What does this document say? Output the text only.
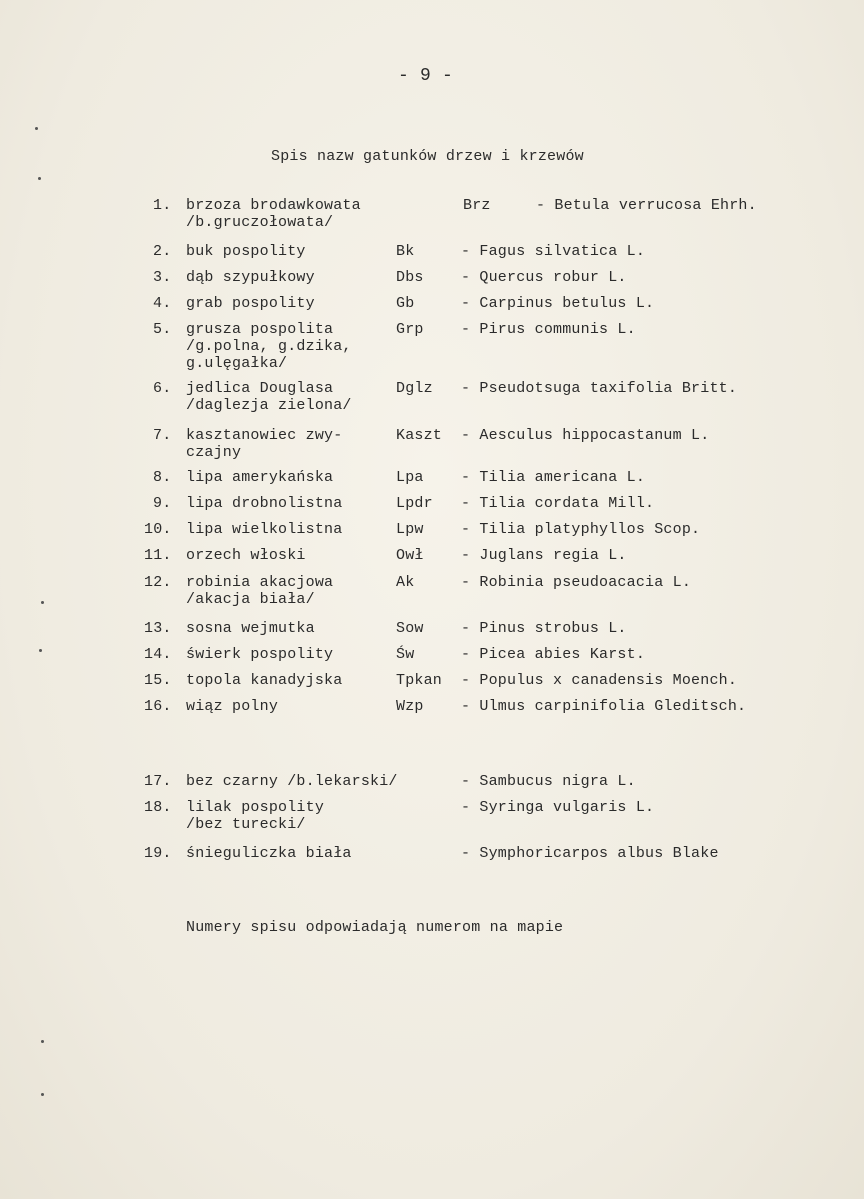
- 9 -
Spis nazw gatunków drzew i krzewów
1. brzoza brodawkowata
/b.gruczołowata/
Brz	- Betula verrucosa Ehrh.
2. buk pospolity	Bk	- Fagus silvatica L.
3. dąb szypułkowy	Dbs - Quercus robur L.
4. grab pospolity	Gb	- Carpinus betulus L.
5. grusza pospolita
/g.polna, g.dzika,
g.ulęgałka/
Grp - Pirus communis L.
6. jedlica Douglasa
/daglezja zielona/
Dglz - Pseudotsuga taxifolia Britt.
7. kasztanowiec zwy-
czajny
Kaszt - Aesculus hippocastanum L.
8. lipa amerykańska	Lpa - Tilia americana L.
9. lipa drobnolistna	Lpdr - Tilia cordata Mill.
10. lipa wielkolistna	Lpw - Tilia platyphyllos Scop.
11. orzech włoski	Owł - Juglans regia L.
12. robinia akacjowa
/akacja biała/
Ak	- Robinia pseudoacacia L.
13. sosna wejmutka	Sow - Pinus strobus L.
14. świerk pospolity	Św	- Picea abies Karst.
15. topola kanadyjska	Tpkan - Populus x canadensis Moench.
16. wiąz polny	Wzp - Ulmus carpinifolia Gleditsch.
17. bez czarny /b.lekarski/	- Sambucus nigra L.
18. lilak pospolity
/bez turecki/
- Syringa vulgaris L.
19. śnieguliczka biała	- Symphoricarpos albus Blake
Numery spisu odpowiadają numerom na mapie
